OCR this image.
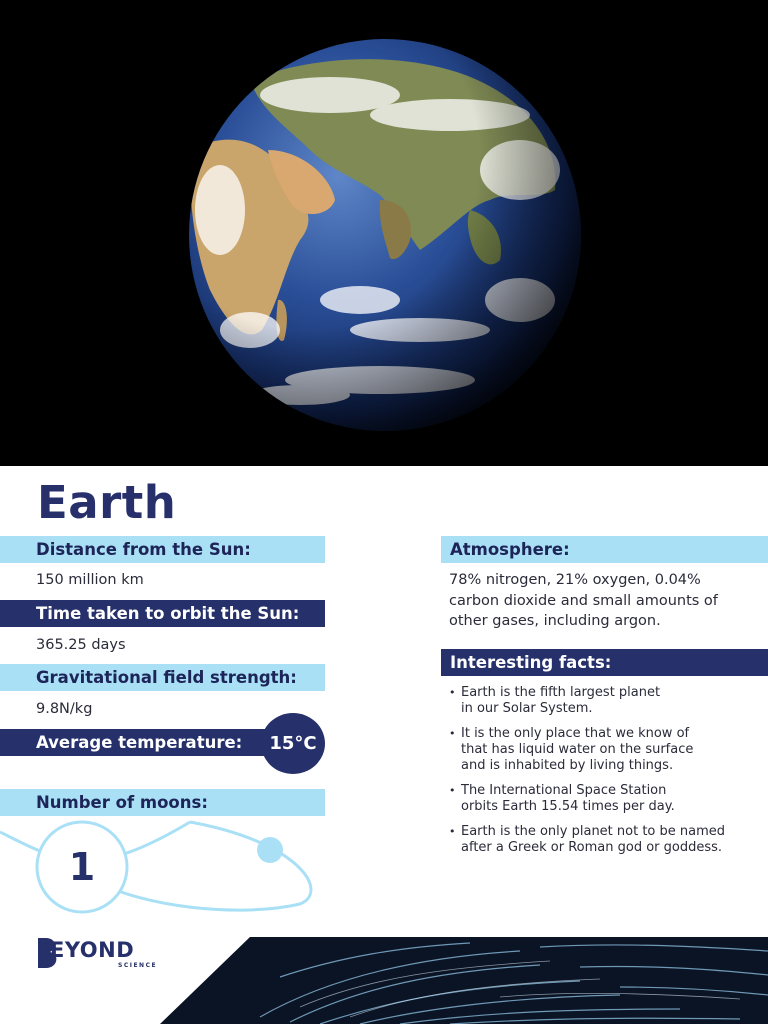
Earth
Distance from the Sun:
150 million km
Time taken to orbit the Sun:
365.25 days
Gravitational field strength:
9.8N/kg
Average temperature:	15°C
Number of moons:
1
Atmosphere:
78% nitrogen, 21% oxygen, 0.04% carbon dioxide and small amounts of other gases, including argon.
Interesting facts:
• Earth is the fifth largest planet
in our Solar System.
• It is the only place that we know of
that has liquid water on the surface
and is inhabited by living things.
• The International Space Station
orbits Earth 15.54 times per day.
• Earth is the only planet not to be named
after a Greek or Roman god or goddess.
EYOND
SCIENCE
